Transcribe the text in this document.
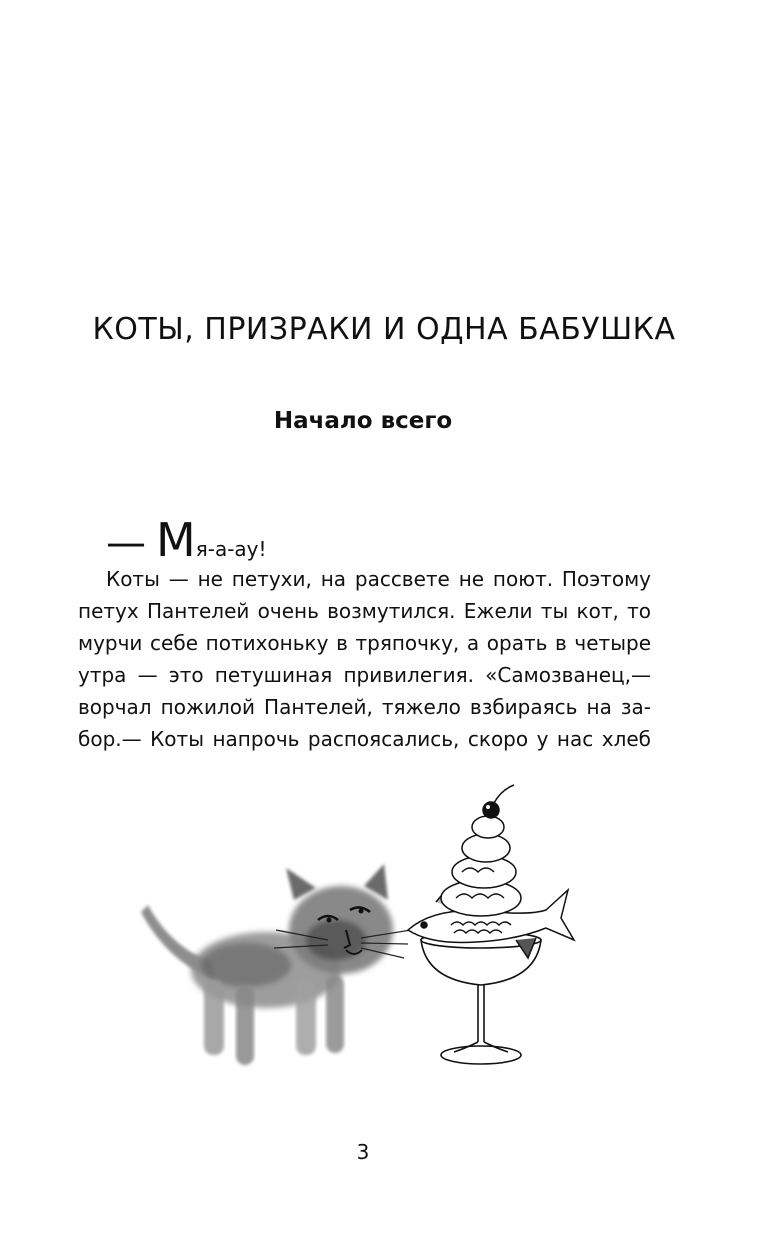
КОТЫ, ПРИЗРАКИ И ОДНА БАБУШКА
Начало всего
— Мя-а-ау!
Коты — не петухи, на рассвете не поют. Поэтому
петух Пантелей очень возмутился. Ежели ты кот, то
мурчи себе потихоньку в тряпочку, а орать в четыре
утра — это петушиная привилегия. «Самозванец,—
ворчал пожилой Пантелей, тяжело взбираясь на за-
бор.— Коты напрочь распоясались, скоро у нас хлеб
3
